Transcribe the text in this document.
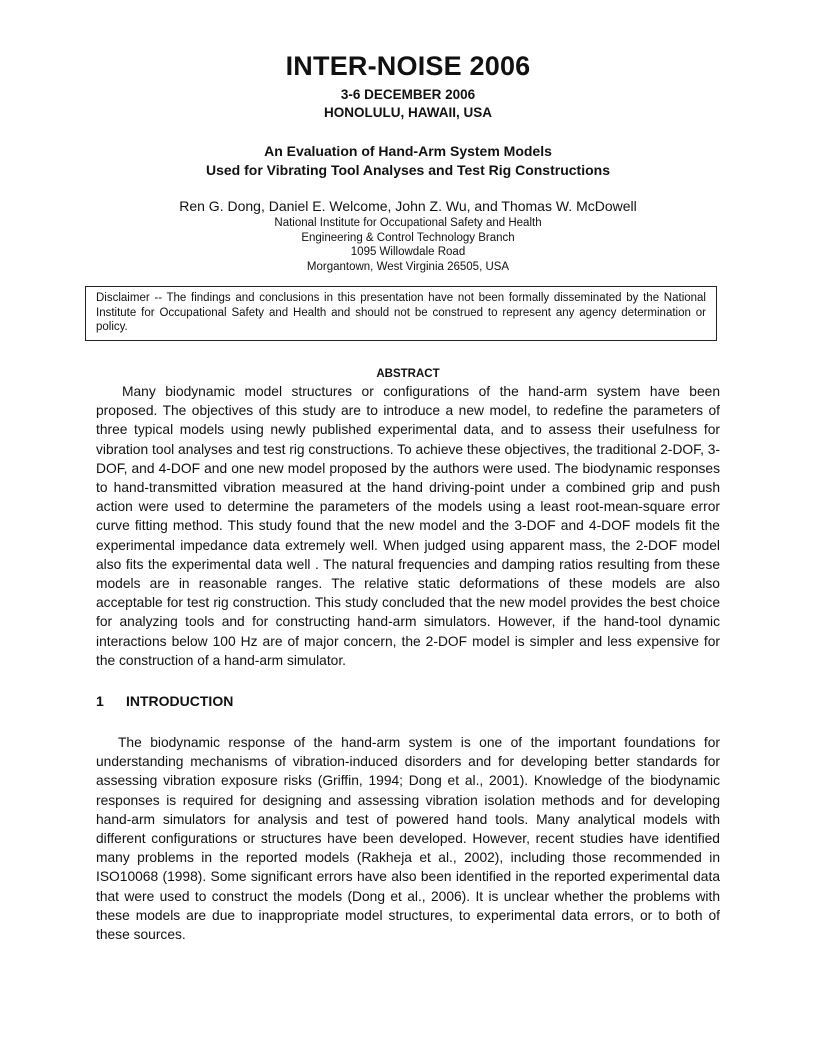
INTER-NOISE 2006
3-6 DECEMBER 2006
HONOLULU, HAWAII, USA
An Evaluation of Hand-Arm System Models
Used for Vibrating Tool Analyses and Test Rig Constructions
Ren G. Dong, Daniel E. Welcome, John Z. Wu, and Thomas W. McDowell
National Institute for Occupational Safety and Health
Engineering & Control Technology Branch
1095 Willowdale Road
Morgantown, West Virginia 26505, USA
Disclaimer -- The findings and conclusions in this presentation have not been formally disseminated by the National Institute for Occupational Safety and Health and should not be construed to represent any agency determination or policy.
ABSTRACT
Many biodynamic model structures or configurations of the hand-arm system have been proposed. The objectives of this study are to introduce a new model, to redefine the parameters of three typical models using newly published experimental data, and to assess their usefulness for vibration tool analyses and test rig constructions. To achieve these objectives, the traditional 2-DOF, 3-DOF, and 4-DOF and one new model proposed by the authors were used. The biodynamic responses to hand-transmitted vibration measured at the hand driving-point under a combined grip and push action were used to determine the parameters of the models using a least root-mean-square error curve fitting method. This study found that the new model and the 3-DOF and 4-DOF models fit the experimental impedance data extremely well. When judged using apparent mass, the 2-DOF model also fits the experimental data well . The natural frequencies and damping ratios resulting from these models are in reasonable ranges. The relative static deformations of these models are also acceptable for test rig construction. This study concluded that the new model provides the best choice for analyzing tools and for constructing hand-arm simulators. However, if the hand-tool dynamic interactions below 100 Hz are of major concern, the 2-DOF model is simpler and less expensive for the construction of a hand-arm simulator.
1 INTRODUCTION
The biodynamic response of the hand-arm system is one of the important foundations for understanding mechanisms of vibration-induced disorders and for developing better standards for assessing vibration exposure risks (Griffin, 1994; Dong et al., 2001). Knowledge of the biodynamic responses is required for designing and assessing vibration isolation methods and for developing hand-arm simulators for analysis and test of powered hand tools. Many analytical models with different configurations or structures have been developed. However, recent studies have identified many problems in the reported models (Rakheja et al., 2002), including those recommended in ISO10068 (1998). Some significant errors have also been identified in the reported experimental data that were used to construct the models (Dong et al., 2006). It is unclear whether the problems with these models are due to inappropriate model structures, to experimental data errors, or to both of these sources.
